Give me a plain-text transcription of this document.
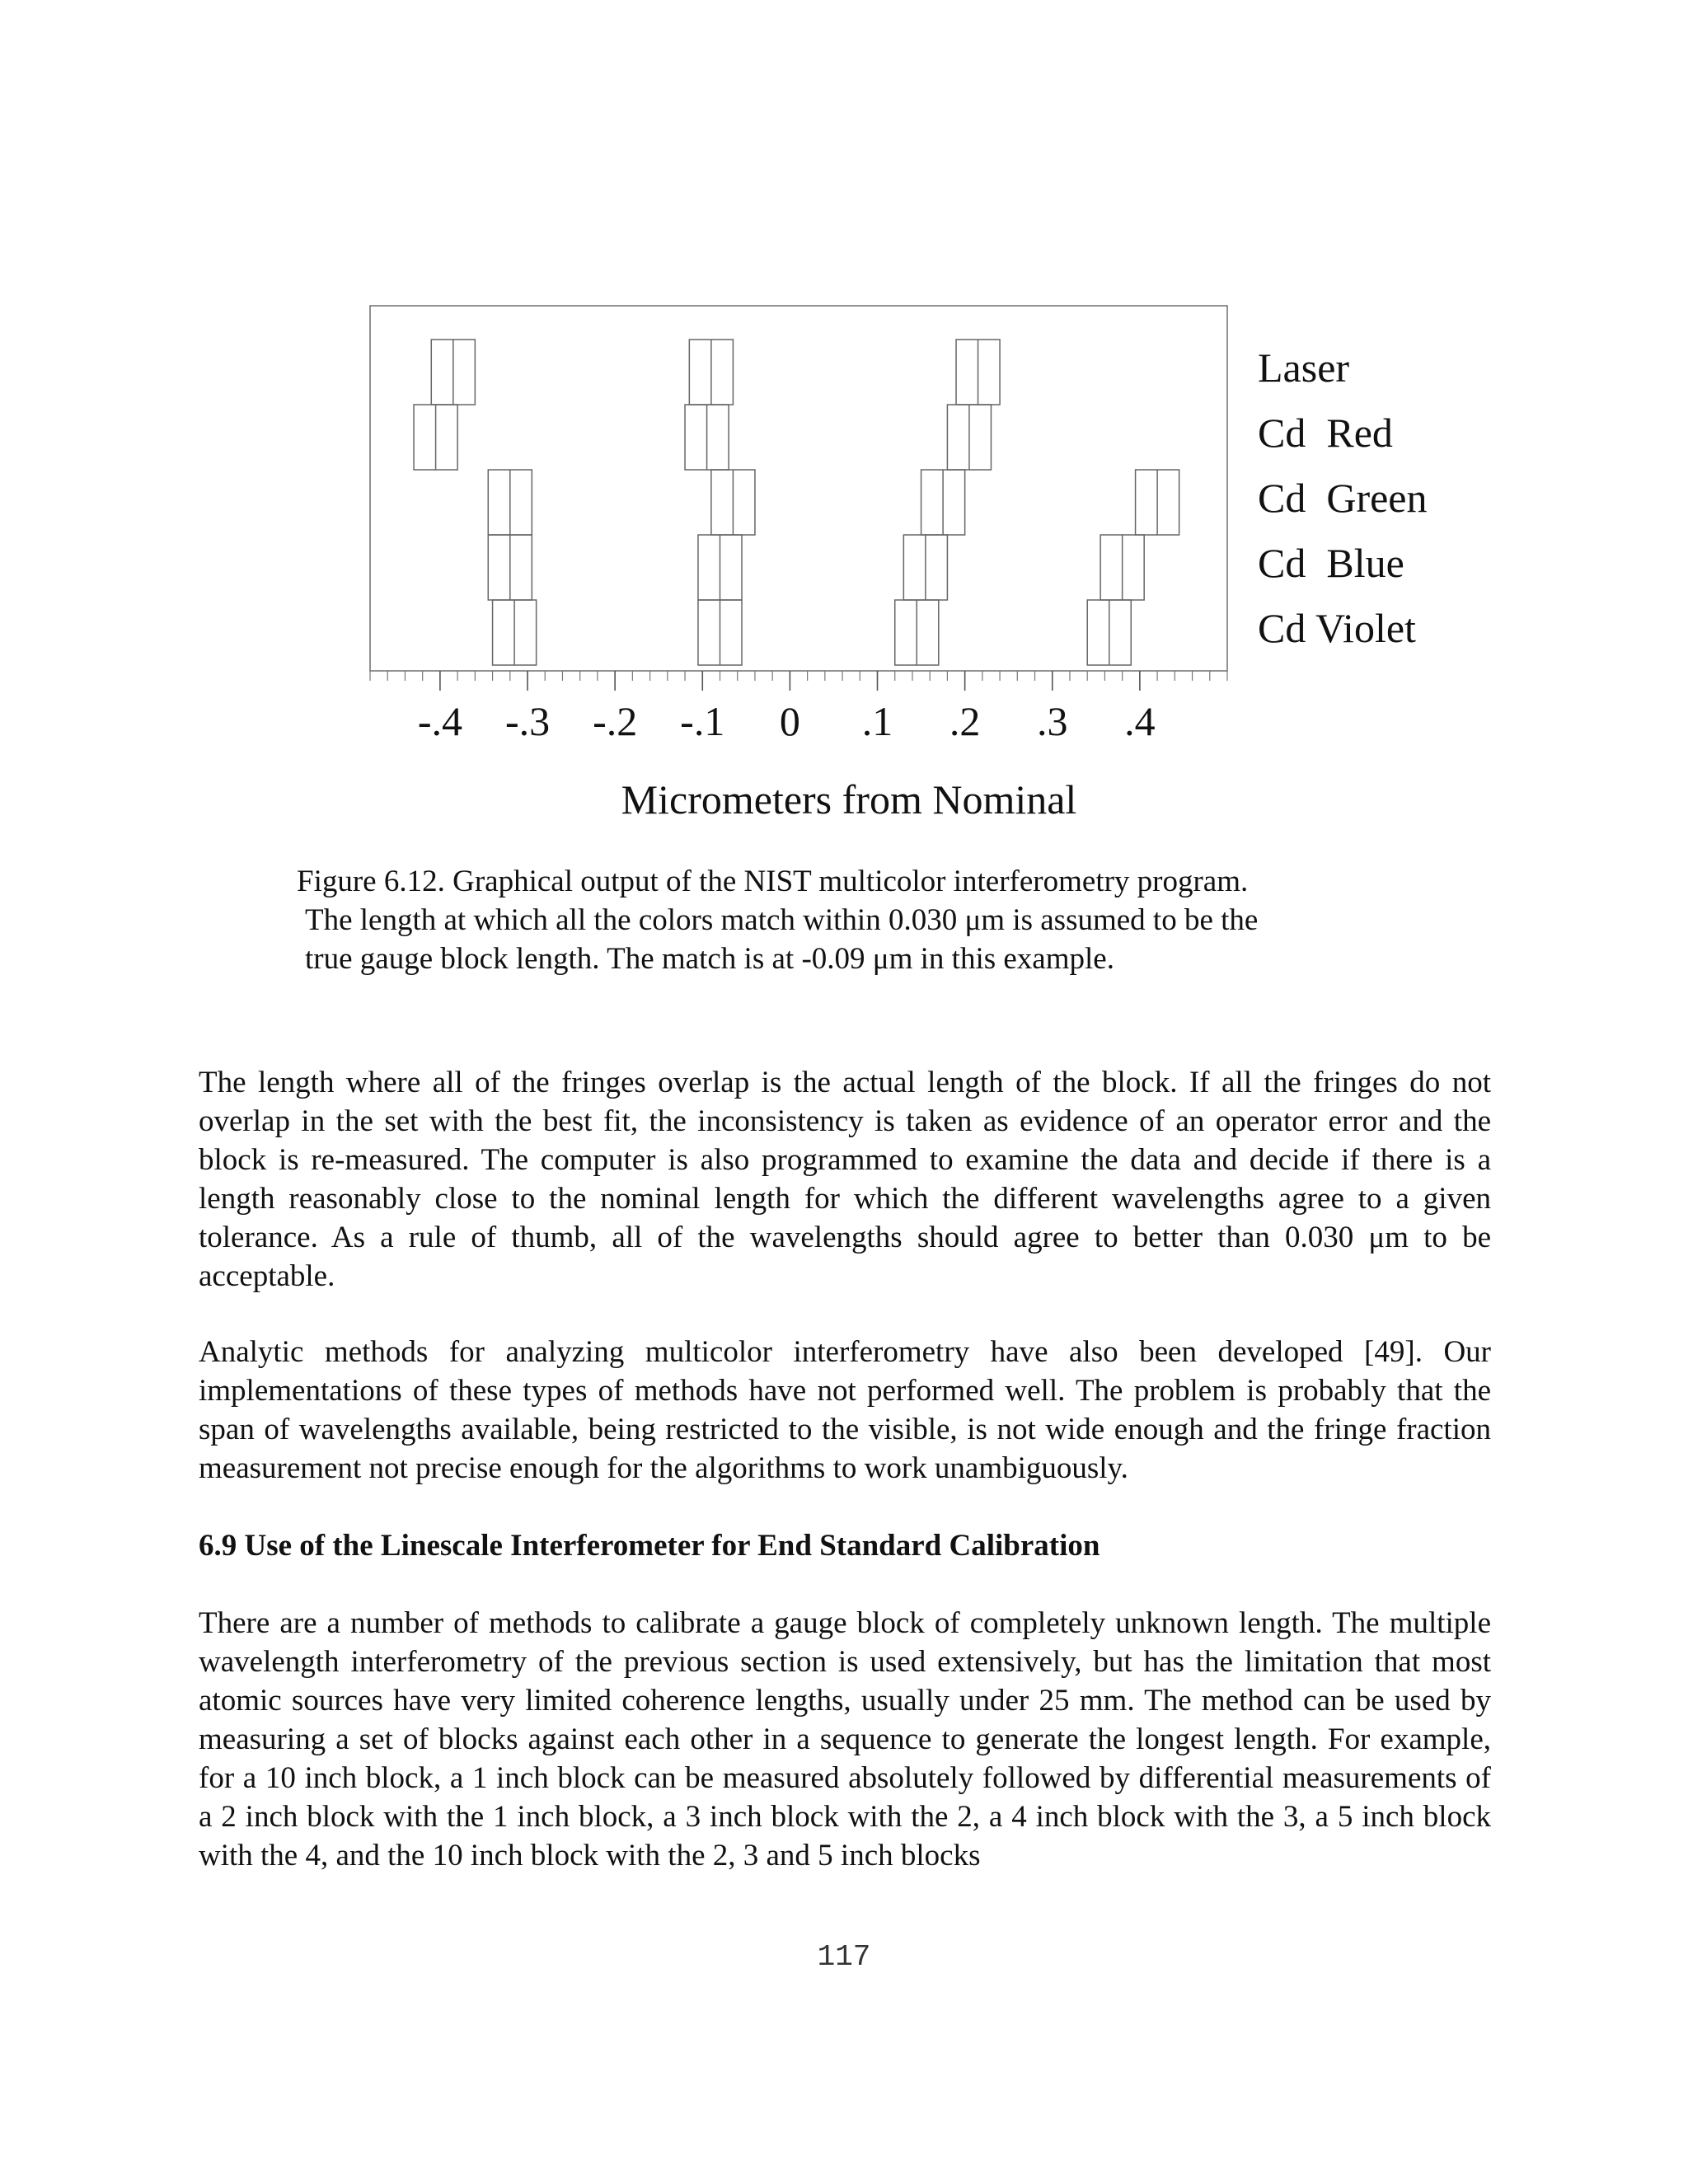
-.4 -.3 -.2 -.1 0 .1 .2 .3 .4
Laser
Cd  Red
Cd  Green
Cd  Blue
Cd Violet
Micrometers from Nominal
Figure 6.12. Graphical output of the NIST multicolor interferometry program.
The length at which all the colors match within 0.030 μm is assumed to be the
true gauge block length. The match is at -0.09 μm in this example.

The length where all of the fringes overlap is the actual length of the block. If all the fringes do not overlap in the set with the best fit, the inconsistency is taken as evidence of an operator error and the block is re-measured. The computer is also programmed to examine the data and decide if there is a length reasonably close to the nominal length for which the different wavelengths agree to a given tolerance. As a rule of thumb, all of the wavelengths should agree to better than 0.030 μm to be acceptable.

Analytic methods for analyzing multicolor interferometry have also been developed [49]. Our implementations of these types of methods have not performed well. The problem is probably that the span of wavelengths available, being restricted to the visible, is not wide enough and the fringe fraction measurement not precise enough for the algorithms to work unambiguously.

6.9 Use of the Linescale Interferometer for End Standard Calibration

There are a number of methods to calibrate a gauge block of completely unknown length. The multiple wavelength interferometry of the previous section is used extensively, but has the limitation that most atomic sources have very limited coherence lengths, usually under 25 mm. The method can be used by measuring a set of blocks against each other in a sequence to generate the longest length. For example, for a 10 inch block, a 1 inch block can be measured absolutely followed by differential measurements of a 2 inch block with the 1 inch block, a 3 inch block with the 2, a 4 inch block with the 3, a 5 inch block with the 4, and the 10 inch block with the 2, 3 and 5 inch blocks

117
